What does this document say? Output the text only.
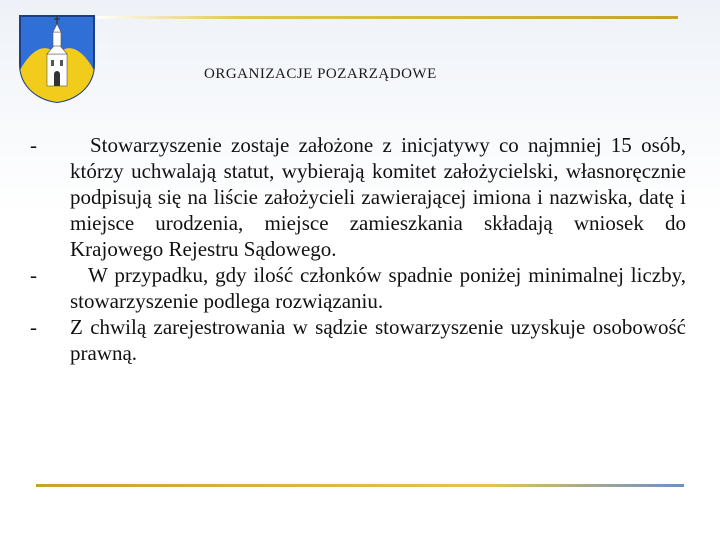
ORGANIZACJE POZARZĄDOWE
-	Stowarzyszenie zostaje założone z inicjatywy co najmniej 15 osób, którzy uchwalają statut, wybierają komitet założycielski, własnoręcznie podpisują się na liście założycieli zawierającej imiona i nazwiska, datę i miejsce urodzenia, miejsce zamieszkania składają wniosek do Krajowego Rejestru Sądowego.
-	W przypadku, gdy ilość członków spadnie poniżej minimalnej liczby, stowarzyszenie podlega rozwiązaniu.
-	Z chwilą zarejestrowania w sądzie stowarzyszenie uzyskuje osobowość prawną.
